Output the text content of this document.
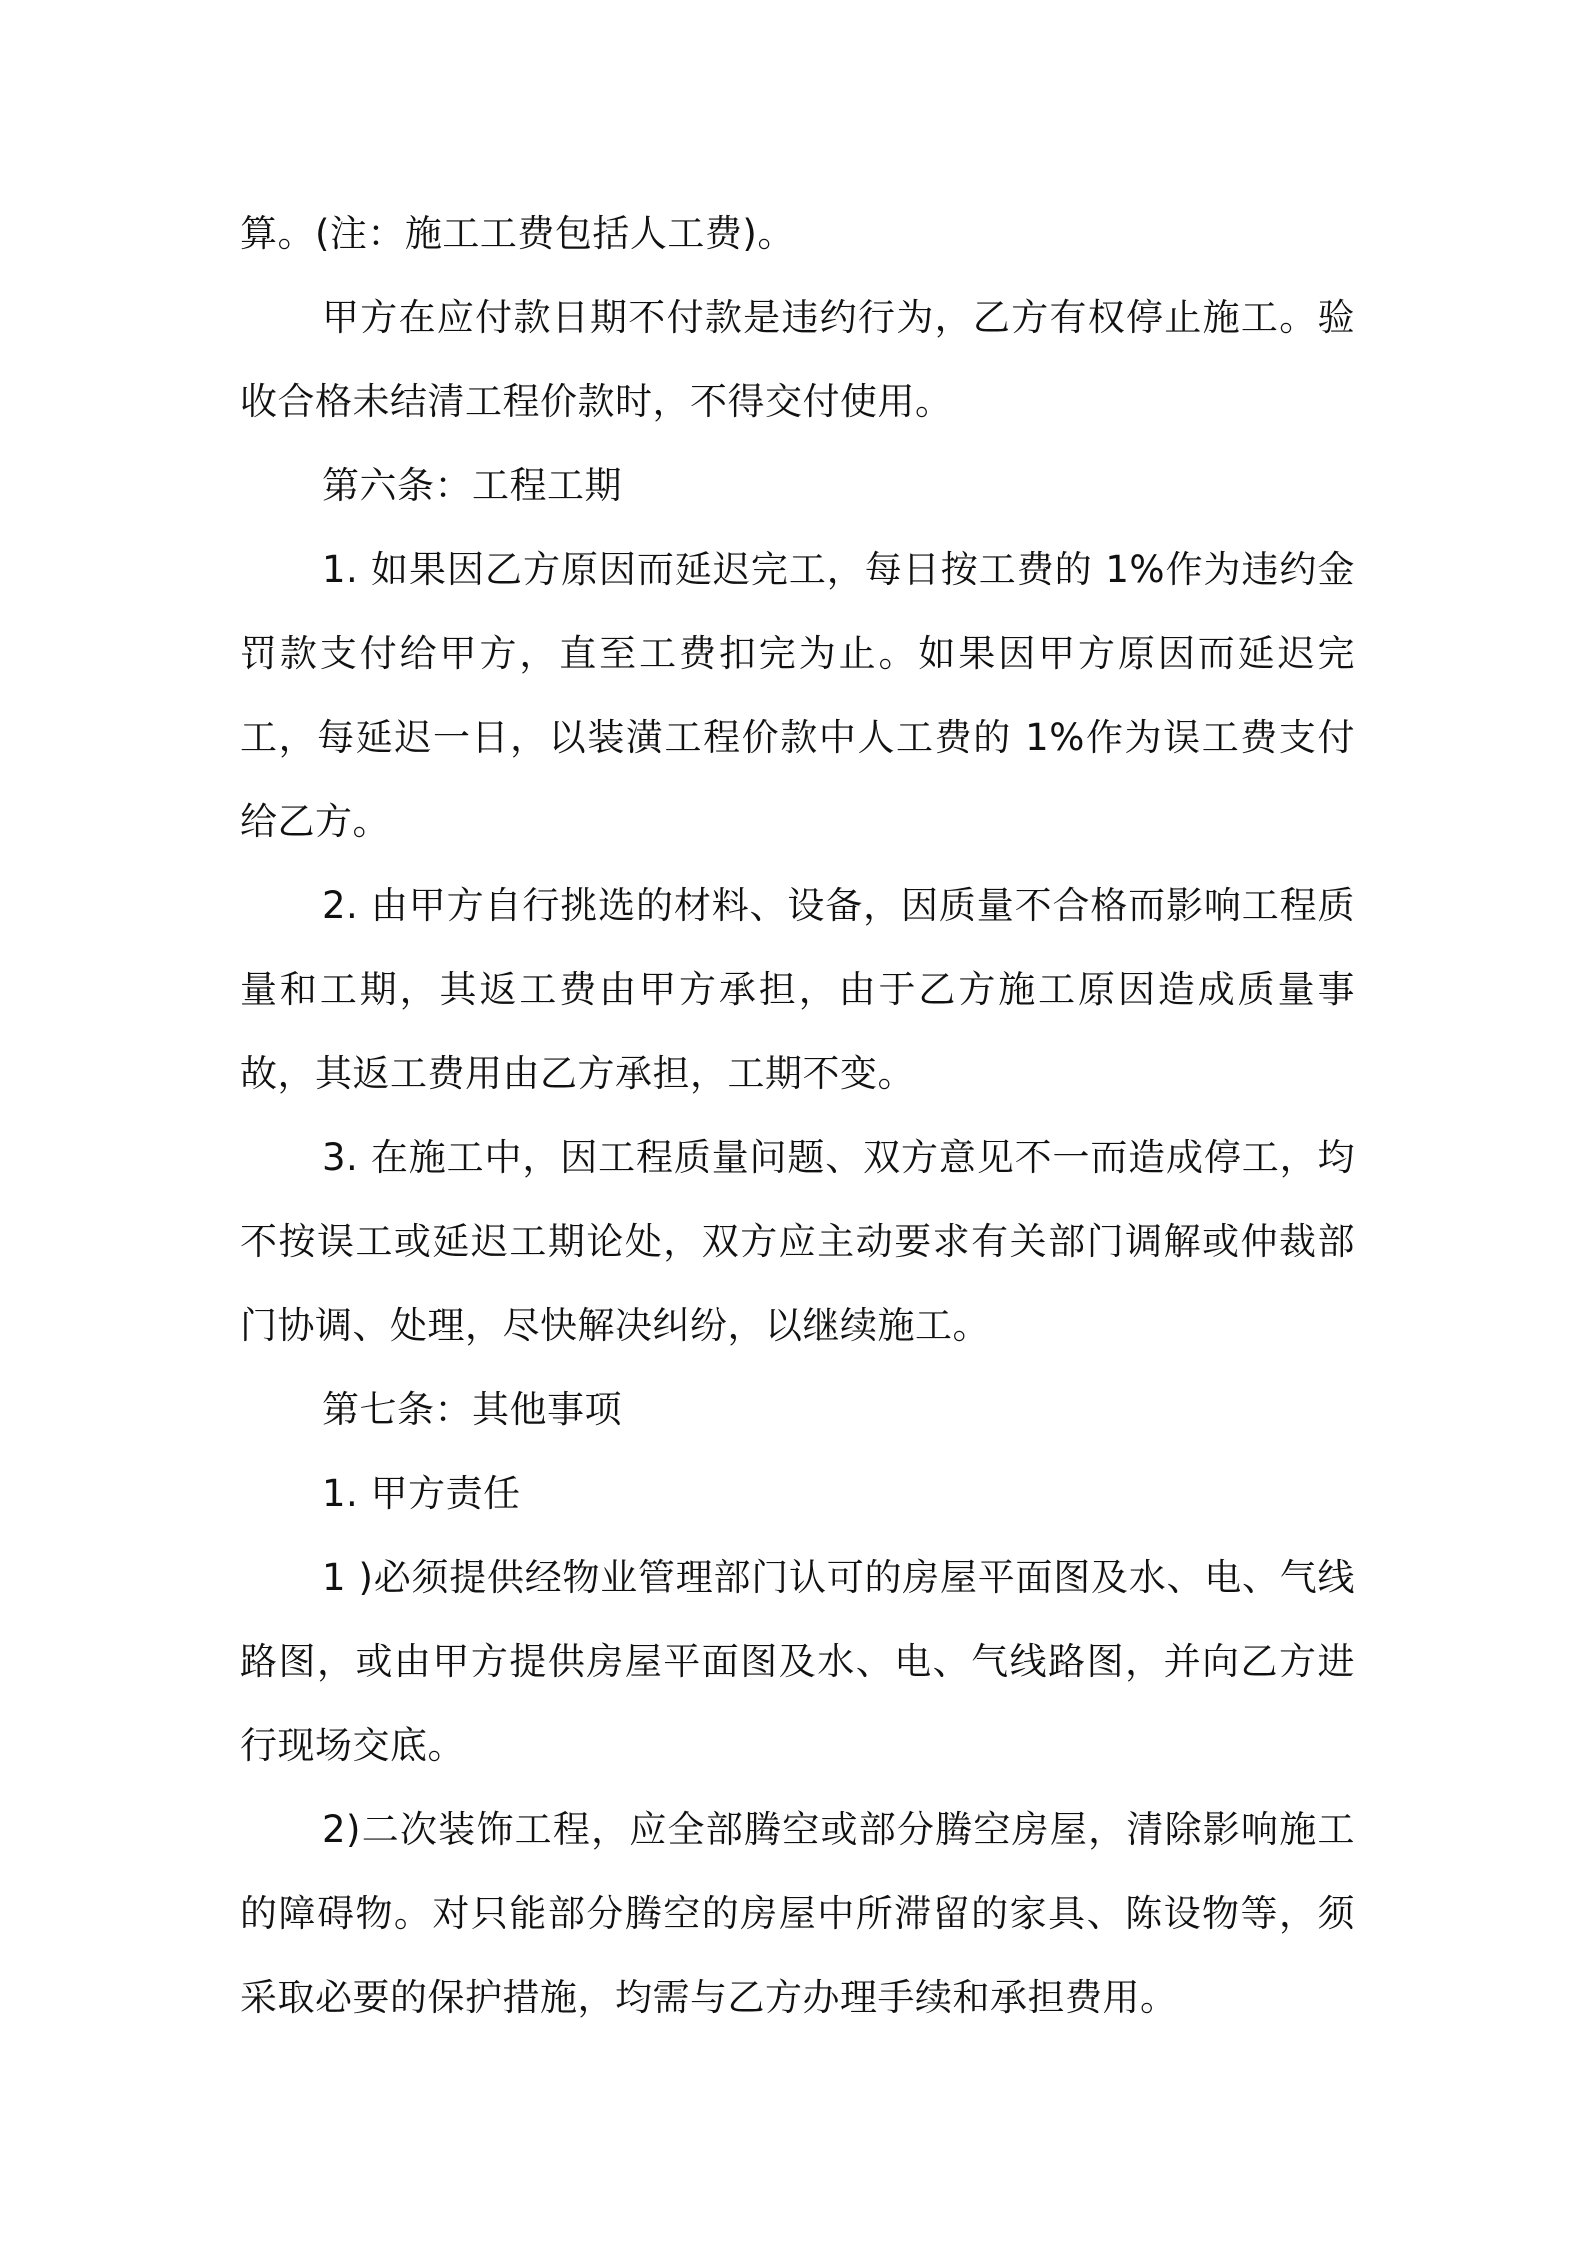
算。(注：施工工费包括人工费)。

甲方在应付款日期不付款是违约行为，乙方有权停止施工。验收合格未结清工程价款时，不得交付使用。

第六条：工程工期

1. 如果因乙方原因而延迟完工，每日按工费的 1%作为违约金罚款支付给甲方，直至工费扣完为止。如果因甲方原因而延迟完工，每延迟一日，以装潢工程价款中人工费的 1%作为误工费支付给乙方。

2. 由甲方自行挑选的材料、设备，因质量不合格而影响工程质量和工期，其返工费由甲方承担，由于乙方施工原因造成质量事故，其返工费用由乙方承担，工期不变。

3. 在施工中，因工程质量问题、双方意见不一而造成停工，均不按误工或延迟工期论处，双方应主动要求有关部门调解或仲裁部门协调、处理，尽快解决纠纷，以继续施工。

第七条：其他事项

1. 甲方责任

1 )必须提供经物业管理部门认可的房屋平面图及水、电、气线路图，或由甲方提供房屋平面图及水、电、气线路图，并向乙方进行现场交底。

2)二次装饰工程，应全部腾空或部分腾空房屋，清除影响施工的障碍物。对只能部分腾空的房屋中所滞留的家具、陈设物等，须采取必要的保护措施，均需与乙方办理手续和承担费用。
